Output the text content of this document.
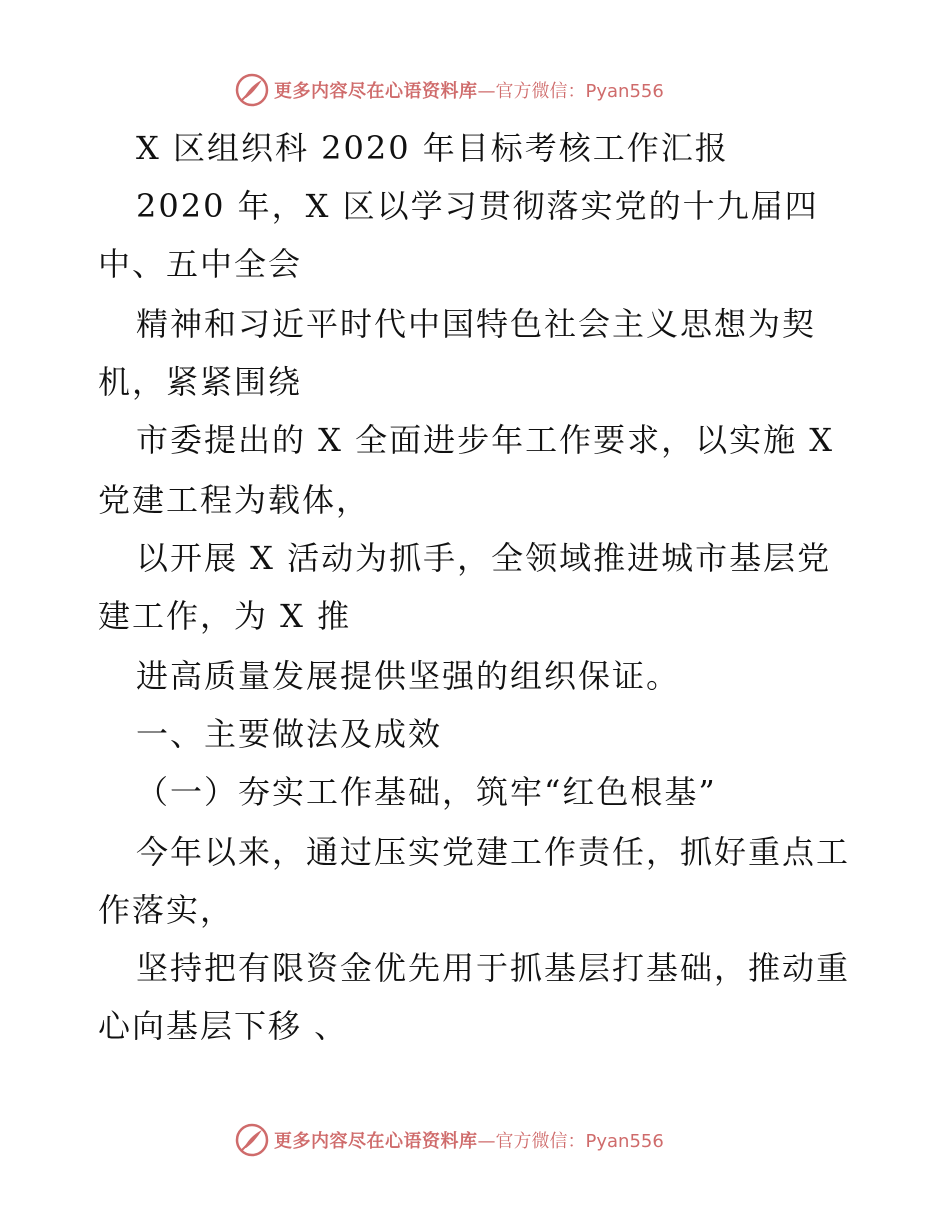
更多内容尽在心语资料库 —官方微信：Pyan556
X 区组织科 2020 年目标考核工作汇报
2020 年，X 区以学习贯彻落实党的十九届四
中、五中全会
精神和习近平时代中国特色社会主义思想为契
机，紧紧围绕
市委提出的 X 全面进步年工作要求，以实施 X
党建工程为载体，
以开展 X 活动为抓手，全领域推进城市基层党
建工作，为 X 推
进高质量发展提供坚强的组织保证。
一、主要做法及成效
（一）夯实工作基础，筑牢“红色根基”
今年以来，通过压实党建工作责任，抓好重点工
作落实，
坚持把有限资金优先用于抓基层打基础，推动重
心向基层下移 、
更多内容尽在心语资料库 —官方微信：Pyan556
